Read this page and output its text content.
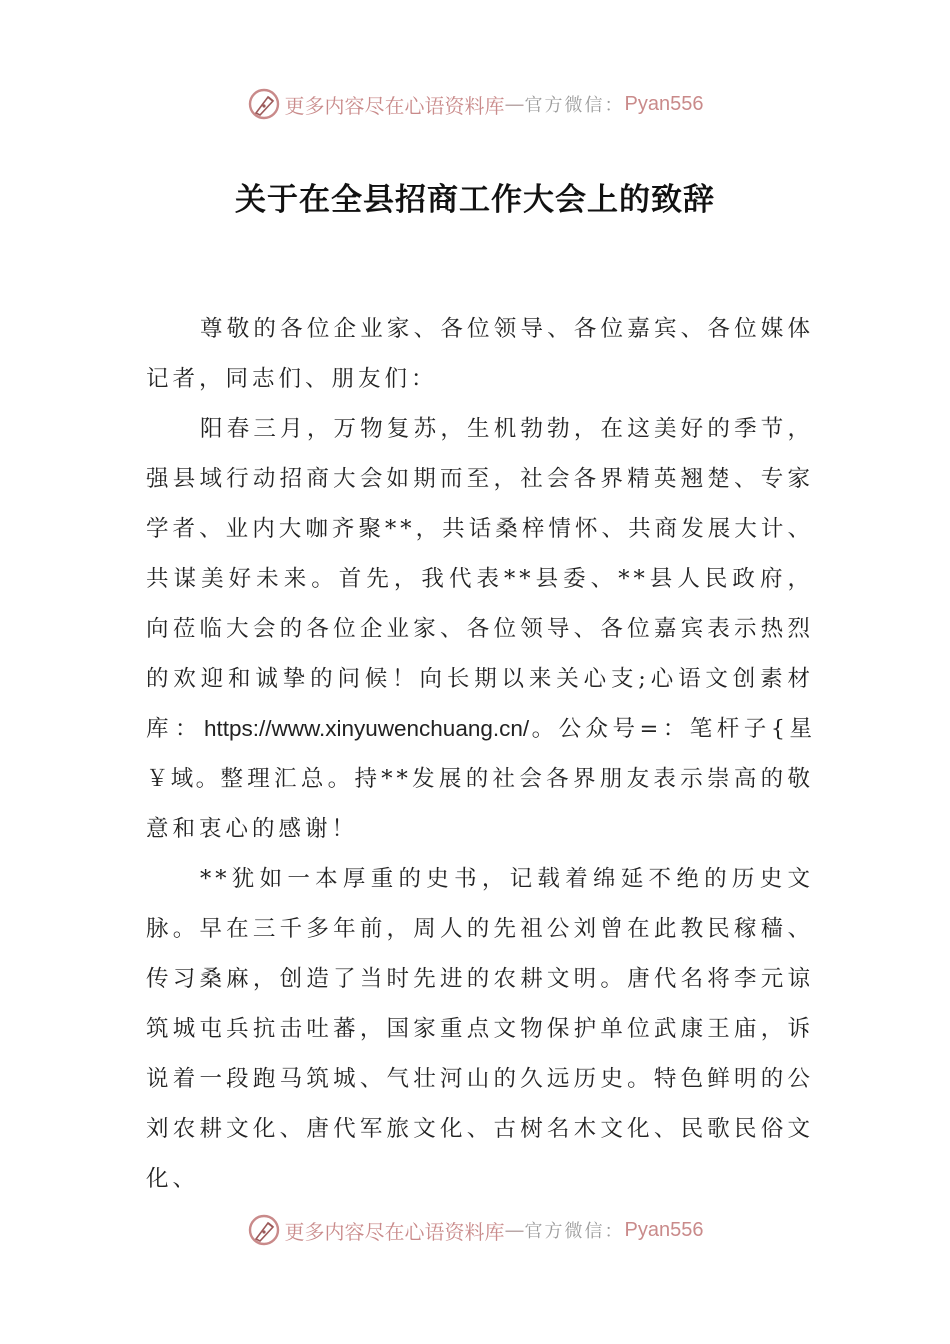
更多内容尽在心语资料库 — 官方微信： Pyan556
关于在全县招商工作大会上的致辞

尊敬的各位企业家、各位领导、各位嘉宾、各位媒体记者，同志们、朋友们：

阳春三月，万物复苏，生机勃勃，在这美好的季节，强县域行动招商大会如期而至，社会各界精英翘楚、专家学者、业内大咖齐聚**，共话桑梓情怀、共商发展大计、共谋美好未来。首先，我代表**县委、**县人民政府，向莅临大会的各位企业家、各位领导、各位嘉宾表示热烈的欢迎和诚挚的问候！向长期以来关心支;心语文创素材库：https://www.xinyuwenchuang.cn/。公众号=：笔杆子{星￥域。整理汇总。持**发展的社会各界朋友表示崇高的敬意和衷心的感谢！

**犹如一本厚重的史书，记载着绵延不绝的历史文脉。早在三千多年前，周人的先祖公刘曾在此教民稼穑、传习桑麻，创造了当时先进的农耕文明。唐代名将李元谅筑城屯兵抗击吐蕃，国家重点文物保护单位武康王庙，诉说着一段跑马筑城、气壮河山的久远历史。特色鲜明的公刘农耕文化、唐代军旅文化、古树名木文化、民歌民俗文化、

更多内容尽在心语资料库 — 官方微信： Pyan556
